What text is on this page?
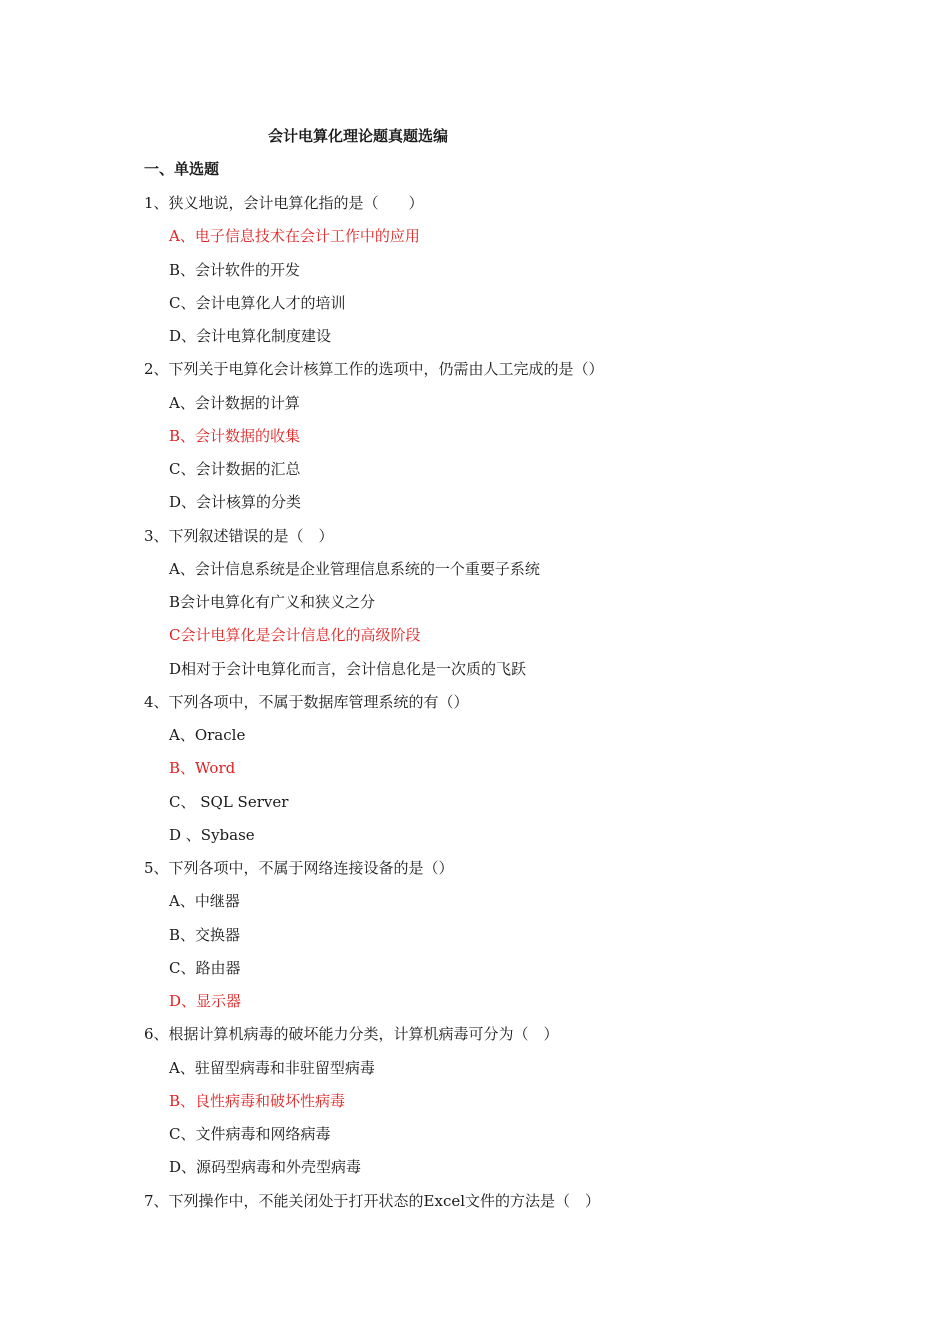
会计电算化理论题真题选编
一、单选题
1、狭义地说，会计电算化指的是（　　）
A、电子信息技术在会计工作中的应用
B、会计软件的开发
C、会计电算化人才的培训
D、会计电算化制度建设
2、下列关于电算化会计核算工作的选项中，仍需由人工完成的是（）
A、会计数据的计算
B、会计数据的收集
C、会计数据的汇总
D、会计核算的分类
3、下列叙述错误的是（　）
A、会计信息系统是企业管理信息系统的一个重要子系统
B会计电算化有广义和狭义之分
C会计电算化是会计信息化的高级阶段
D相对于会计电算化而言，会计信息化是一次质的飞跃
4、下列各项中，不属于数据库管理系统的有（）
A、Oracle
B、Word
C、 SQL Server
D 、Sybase
5、下列各项中，不属于网络连接设备的是（）
A、中继器
B、交换器
C、路由器
D、显示器
6、根据计算机病毒的破坏能力分类，计算机病毒可分为（　）
A、驻留型病毒和非驻留型病毒
B、良性病毒和破坏性病毒
C、文件病毒和网络病毒
D、源码型病毒和外壳型病毒
7、下列操作中，不能关闭处于打开状态的Excel文件的方法是（　）
